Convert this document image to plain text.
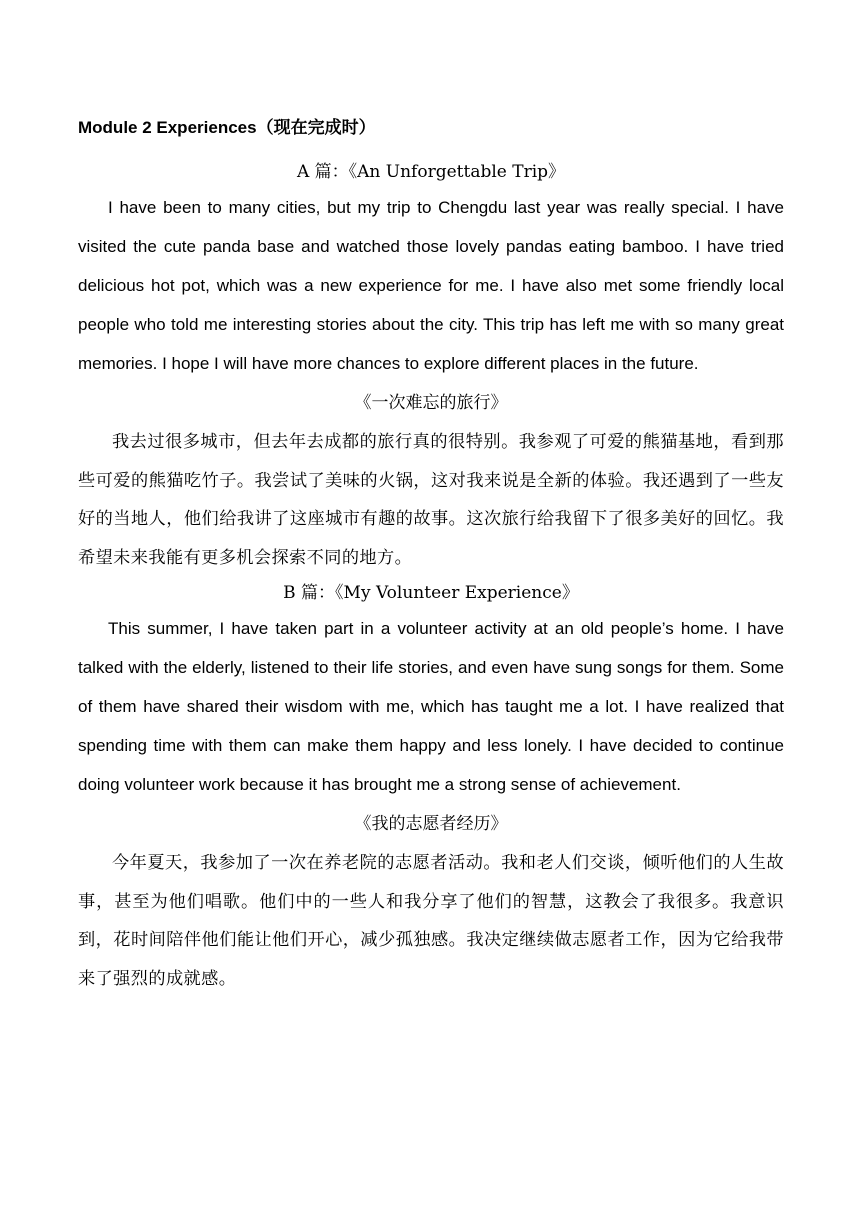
Module 2 Experiences（现在完成时）

A 篇：《An Unforgettable Trip》

I have been to many cities, but my trip to Chengdu last year was really special. I have visited the cute panda base and watched those lovely pandas eating bamboo. I have tried delicious hot pot, which was a new experience for me. I have also met some friendly local people who told me interesting stories about the city. This trip has left me with so many great memories. I hope I will have more chances to explore different places in the future.

《一次难忘的旅行》

我去过很多城市，但去年去成都的旅行真的很特别。我参观了可爱的熊猫基地，看到那些可爱的熊猫吃竹子。我尝试了美味的火锅，这对我来说是全新的体验。我还遇到了一些友好的当地人，他们给我讲了这座城市有趣的故事。这次旅行给我留下了很多美好的回忆。我希望未来我能有更多机会探索不同的地方。

B 篇：《My Volunteer Experience》

This summer, I have taken part in a volunteer activity at an old people’s home. I have talked with the elderly, listened to their life stories, and even have sung songs for them. Some of them have shared their wisdom with me, which has taught me a lot. I have realized that spending time with them can make them happy and less lonely. I have decided to continue doing volunteer work because it has brought me a strong sense of achievement.

《我的志愿者经历》

今年夏天，我参加了一次在养老院的志愿者活动。我和老人们交谈，倾听他们的人生故事，甚至为他们唱歌。他们中的一些人和我分享了他们的智慧，这教会了我很多。我意识到，花时间陪伴他们能让他们开心，减少孤独感。我决定继续做志愿者工作，因为它给我带来了强烈的成就感。
